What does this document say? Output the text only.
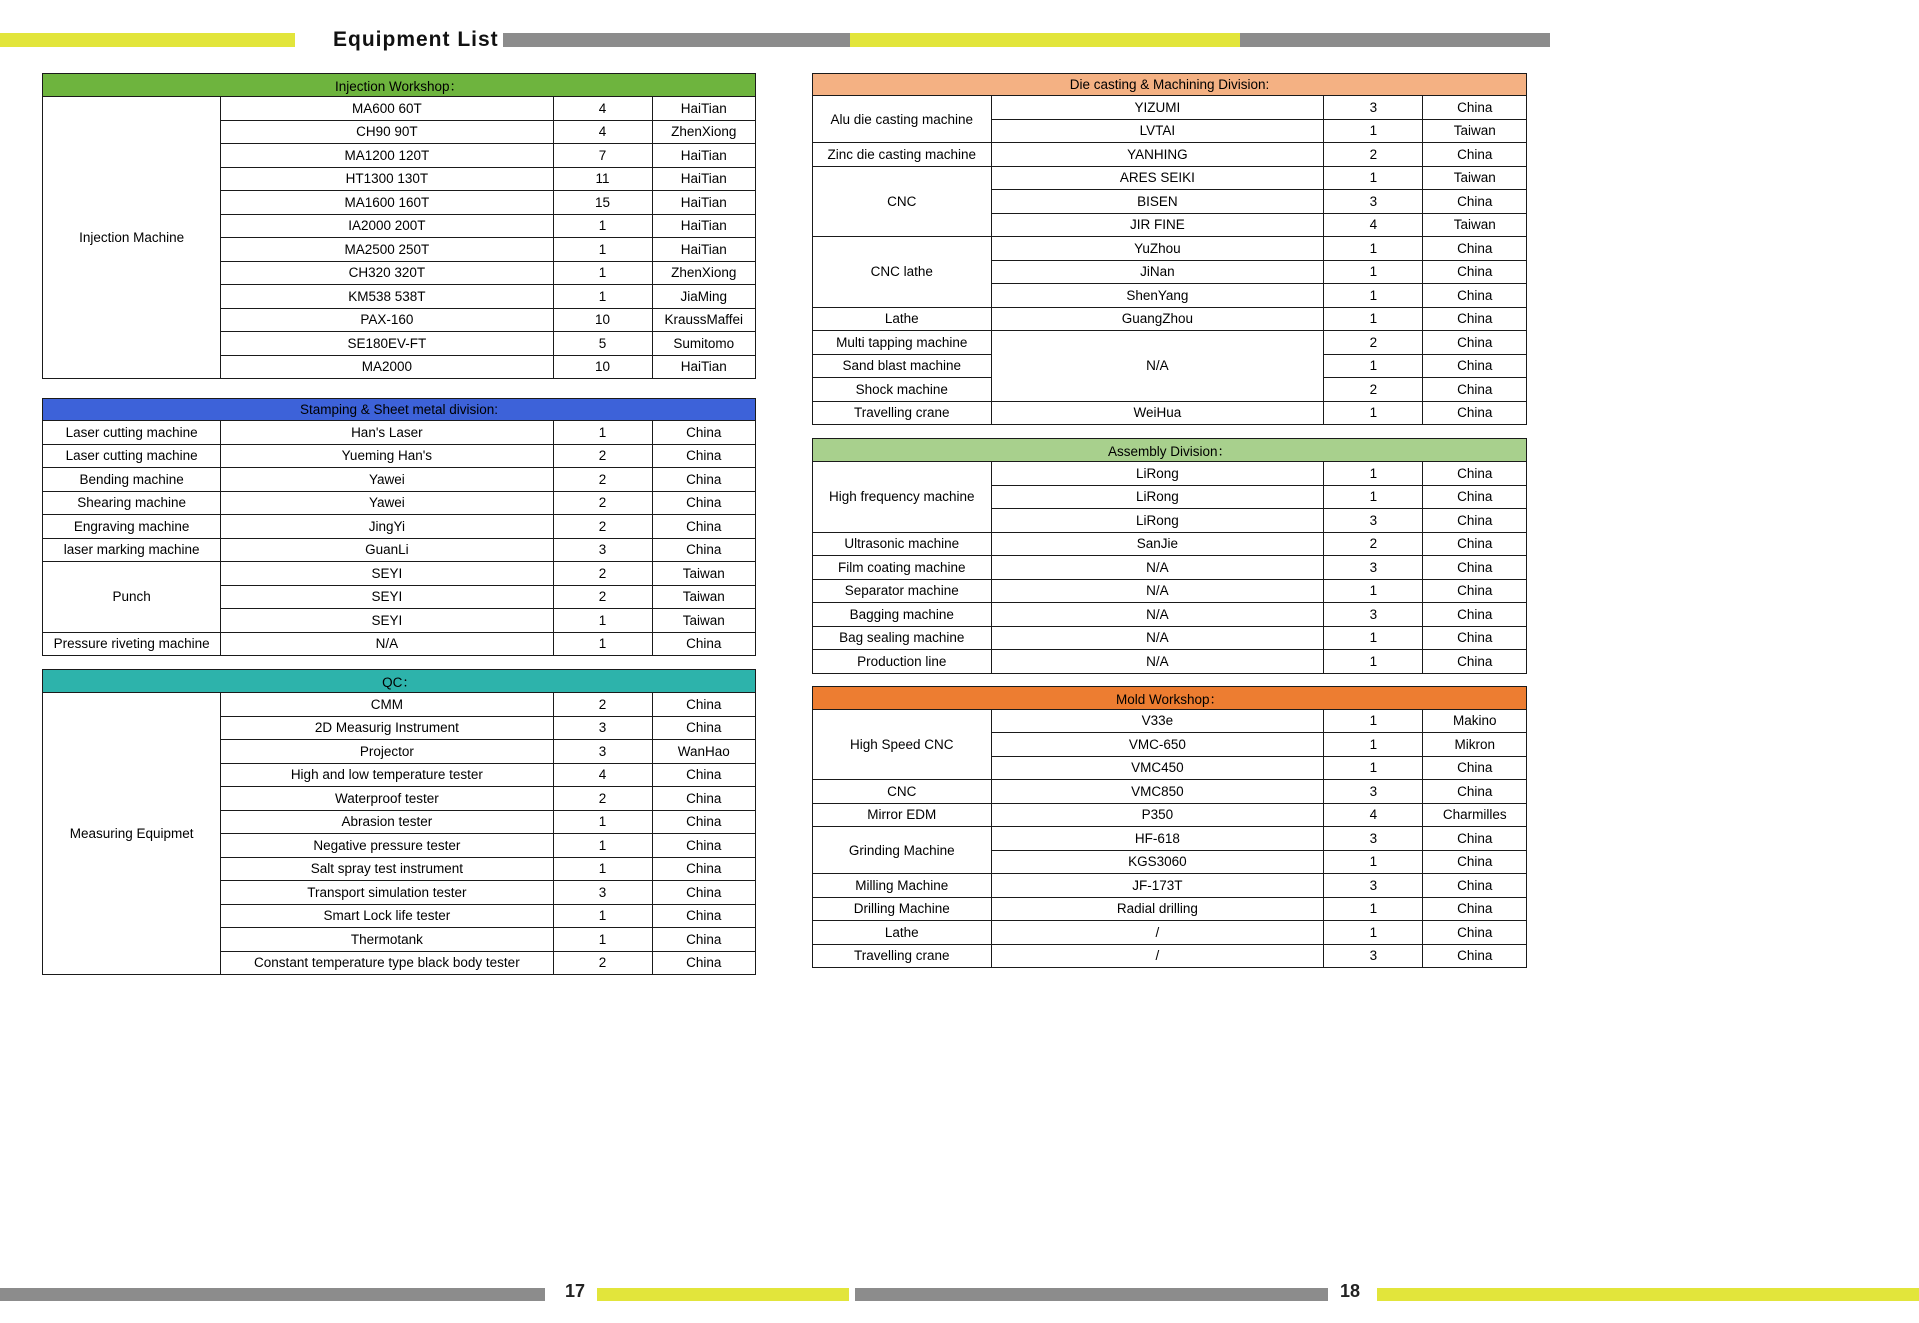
Equipment List
Injection Workshop：			
Injection Machine	MA600 60T	4	HaiTian
	CH90 90T	4	ZhenXiong
	MA1200 120T	7	HaiTian
	HT1300 130T	11	HaiTian
	MA1600 160T	15	HaiTian
	IA2000 200T	1	HaiTian
	MA2500 250T	1	HaiTian
	CH320 320T	1	ZhenXiong
	KM538 538T	1	JiaMing
	PAX-160	10	KraussMaffei
	SE180EV-FT	5	Sumitomo
	MA2000	10	HaiTian
Stamping & Sheet metal division:			
Laser cutting machine	Han's Laser	1	China
Laser cutting machine	Yueming Han's	2	China
Bending machine	Yawei	2	China
Shearing machine	Yawei	2	China
Engraving machine	JingYi	2	China
laser marking machine	GuanLi	3	China
Punch	SEYI	2	Taiwan
	SEYI	2	Taiwan
	SEYI	1	Taiwan
Pressure riveting machine	N/A	1	China
QC：			
Measuring Equipmet	CMM	2	China
	2D Measurig Instrument	3	China
	Projector	3	WanHao
	High and low temperature tester	4	China
	Waterproof tester	2	China
	Abrasion tester	1	China
	Negative pressure tester	1	China
	Salt spray test instrument	1	China
	Transport simulation tester	3	China
	Smart Lock life tester	1	China
	Thermotank	1	China
	Constant temperature type black body tester	2	China
Die casting & Machining Division:			
Alu die casting machine	YIZUMI	3	China
	LVTAI	1	Taiwan
Zinc die casting machine	YANHING	2	China
CNC	ARES SEIKI	1	Taiwan
	BISEN	3	China
	JIR FINE	4	Taiwan
CNC lathe	YuZhou	1	China
	JiNan	1	China
	ShenYang	1	China
Lathe	GuangZhou	1	China
Multi tapping machine	N/A	2	China
Sand blast machine		1	China
Shock machine		2	China
Travelling crane	WeiHua	1	China
Assembly Division：			
High frequency machine	LiRong	1	China
	LiRong	1	China
	LiRong	3	China
Ultrasonic machine	SanJie	2	China
Film coating machine	N/A	3	China
Separator machine	N/A	1	China
Bagging machine	N/A	3	China
Bag sealing machine	N/A	1	China
Production line	N/A	1	China
Mold Workshop：			
High Speed CNC	V33e	1	Makino
	VMC-650	1	Mikron
	VMC450	1	China
CNC	VMC850	3	China
Mirror EDM	P350	4	Charmilles
Grinding Machine	HF-618	3	China
	KGS3060	1	China
Milling Machine	JF-173T	3	China
Drilling Machine	Radial drilling	1	China
Lathe	/	1	China
Travelling crane	/	3	China
17	18
